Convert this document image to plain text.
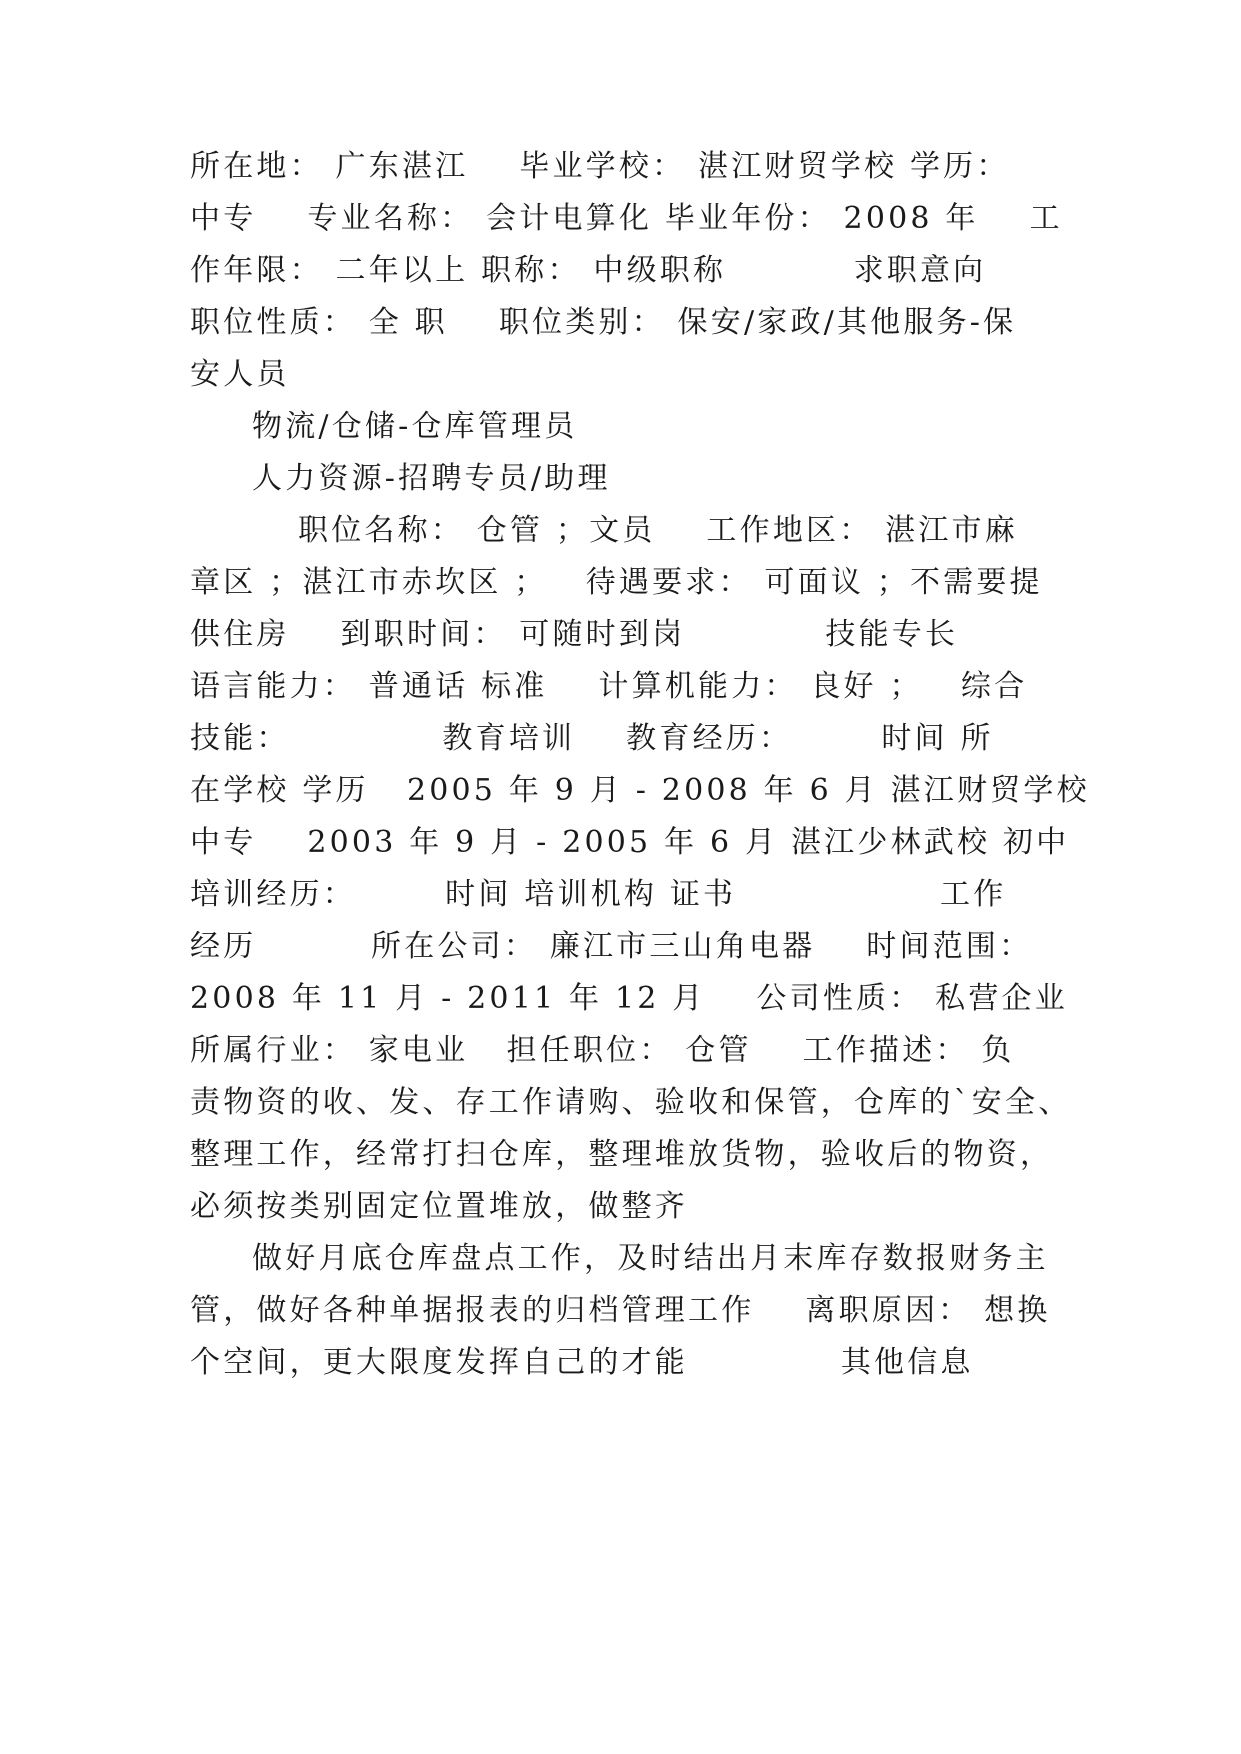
所在地： 广东湛江    毕业学校： 湛江财贸学校 学历：

中专    专业名称： 会计电算化 毕业年份： 2008 年    工

作年限： 二年以上 职称： 中级职称          求职意向

职位性质： 全 职    职位类别： 保安/家政/其他服务-保

安人员

物流/仓储-仓库管理员

人力资源-招聘专员/助理

职位名称： 仓管 ；文员    工作地区： 湛江市麻

章区 ；湛江市赤坎区 ；   待遇要求： 可面议 ；不需要提

供住房    到职时间： 可随时到岗           技能专长

语言能力： 普通话 标准    计算机能力： 良好 ；   综合

技能：            教育培训    教育经历：       时间 所

在学校 学历   2005 年 9 月 - 2008 年 6 月 湛江财贸学校

中专    2003 年 9 月 - 2005 年 6 月 湛江少林武校 初中

培训经历：       时间 培训机构 证书                工作

经历         所在公司： 廉江市三山角电器    时间范围：

2008 年 11 月 - 2011 年 12 月    公司性质： 私营企业

所属行业： 家电业   担任职位： 仓管    工作描述： 负

责物资的收、发、存工作请购、验收和保管，仓库的`安全、

整理工作，经常打扫仓库，整理堆放货物，验收后的物资，

必须按类别固定位置堆放，做整齐

做好月底仓库盘点工作，及时结出月末库存数报财务主

管，做好各种单据报表的归档管理工作    离职原因： 想换

个空间，更大限度发挥自己的才能            其他信息
